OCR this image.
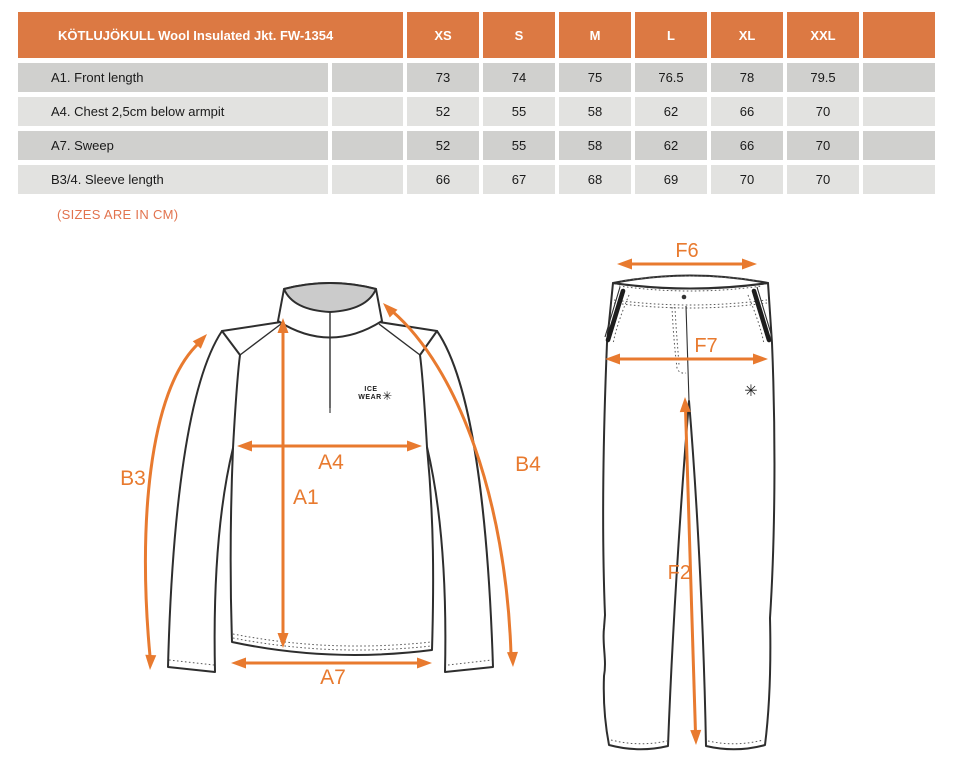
KÖTLUJÖKULL Wool Insulated Jkt. FW-1354	XS	S	M	L	XL	XXL
A1. Front length	73	74	75	76.5	78	79.5
A4. Chest 2,5cm below armpit	52	55	58	62	66	70
A7. Sweep	52	55	58	62	66	70
B3/4. Sleeve length	66	67	68	69	70	70
(SIZES ARE IN CM)
ICE
WEAR ✳
A4
A1
A7
B3
B4
✳
F6
F7
F2
